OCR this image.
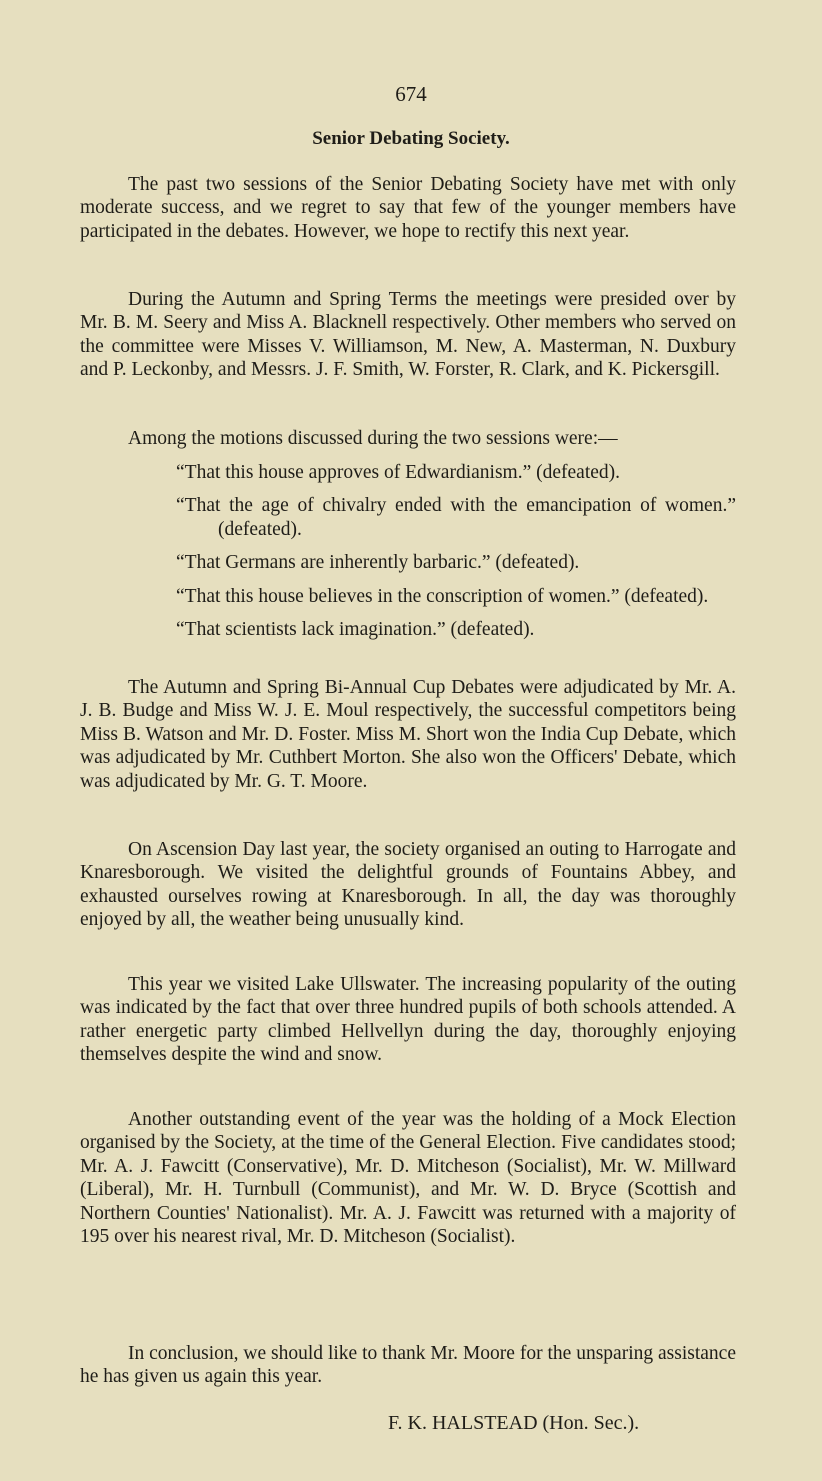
674
Senior Debating Society.

The past two sessions of the Senior Debating Society have met with only moderate success, and we regret to say that few of the younger members have participated in the debates. However, we hope to rectify this next year.

During the Autumn and Spring Terms the meetings were presided over by Mr. B. M. Seery and Miss A. Blacknell respectively. Other members who served on the committee were Misses V. Williamson, M. New, A. Masterman, N. Duxbury and P. Leckonby, and Messrs. J. F. Smith, W. Forster, R. Clark, and K. Pickersgill.

Among the motions discussed during the two sessions were:—

“That this house approves of Edwardianism.” (defeated).

“That the age of chivalry ended with the emancipation of women.” (defeated).

“That Germans are inherently barbaric.” (defeated).

“That this house believes in the conscription of women.” (defeated).

“That scientists lack imagination.” (defeated).

The Autumn and Spring Bi-Annual Cup Debates were adjudicated by Mr. A. J. B. Budge and Miss W. J. E. Moul respectively, the successful competitors being Miss B. Watson and Mr. D. Foster. Miss M. Short won the India Cup Debate, which was adjudicated by Mr. Cuthbert Morton. She also won the Officers' Debate, which was adjudicated by Mr. G. T. Moore.

On Ascension Day last year, the society organised an outing to Harrogate and Knaresborough. We visited the delightful grounds of Fountains Abbey, and exhausted ourselves rowing at Knaresborough. In all, the day was thoroughly enjoyed by all, the weather being unusually kind.

This year we visited Lake Ullswater. The increasing popularity of the outing was indicated by the fact that over three hundred pupils of both schools attended. A rather energetic party climbed Hellvellyn during the day, thoroughly enjoying themselves despite the wind and snow.

Another outstanding event of the year was the holding of a Mock Election organised by the Society, at the time of the General Election. Five candidates stood; Mr. A. J. Fawcitt (Conservative), Mr. D. Mitcheson (Socialist), Mr. W. Millward (Liberal), Mr. H. Turnbull (Communist), and Mr. W. D. Bryce (Scottish and Northern Counties' Nationalist). Mr. A. J. Fawcitt was returned with a majority of 195 over his nearest rival, Mr. D. Mitcheson (Socialist).

In conclusion, we should like to thank Mr. Moore for the unsparing assistance he has given us again this year.

F. K. HALSTEAD (Hon. Sec.).
